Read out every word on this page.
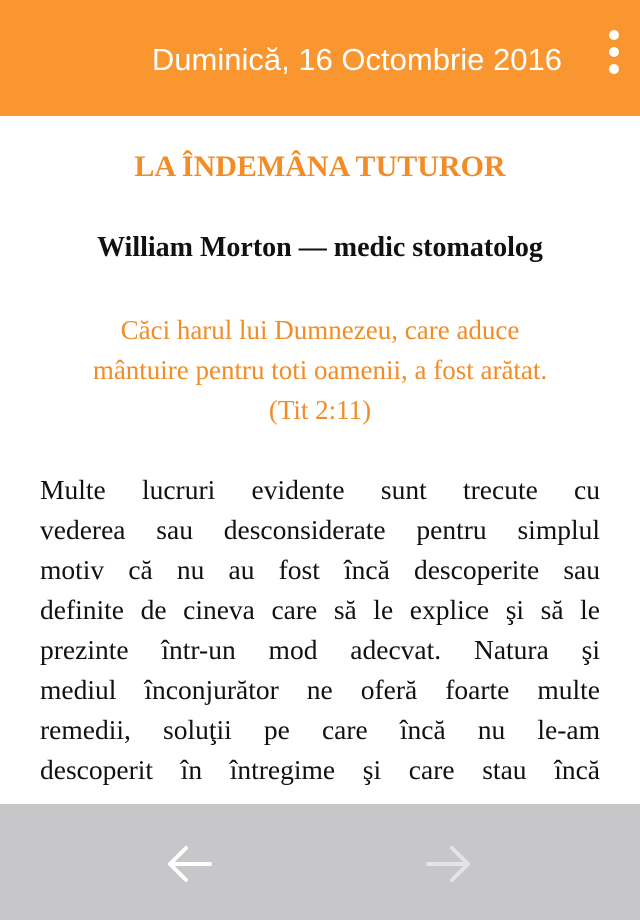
Duminică, 16 Octombrie 2016
LA ÎNDEMÂNA TUTUROR
William Morton — medic stomatolog
Căci harul lui Dumnezeu, care aduce
mântuire pentru toti oamenii, a fost arătat.
(Tit 2:11)
Multe lucruri evidente sunt trecute cu
vederea sau desconsiderate pentru simplul
motiv că nu au fost încă descoperite sau
definite de cineva care să le explice şi să le
prezinte într-un mod adecvat. Natura şi
mediul înconjurător ne oferă foarte multe
remedii, soluţii pe care încă nu le-am
descoperit în întregime şi care stau încă
